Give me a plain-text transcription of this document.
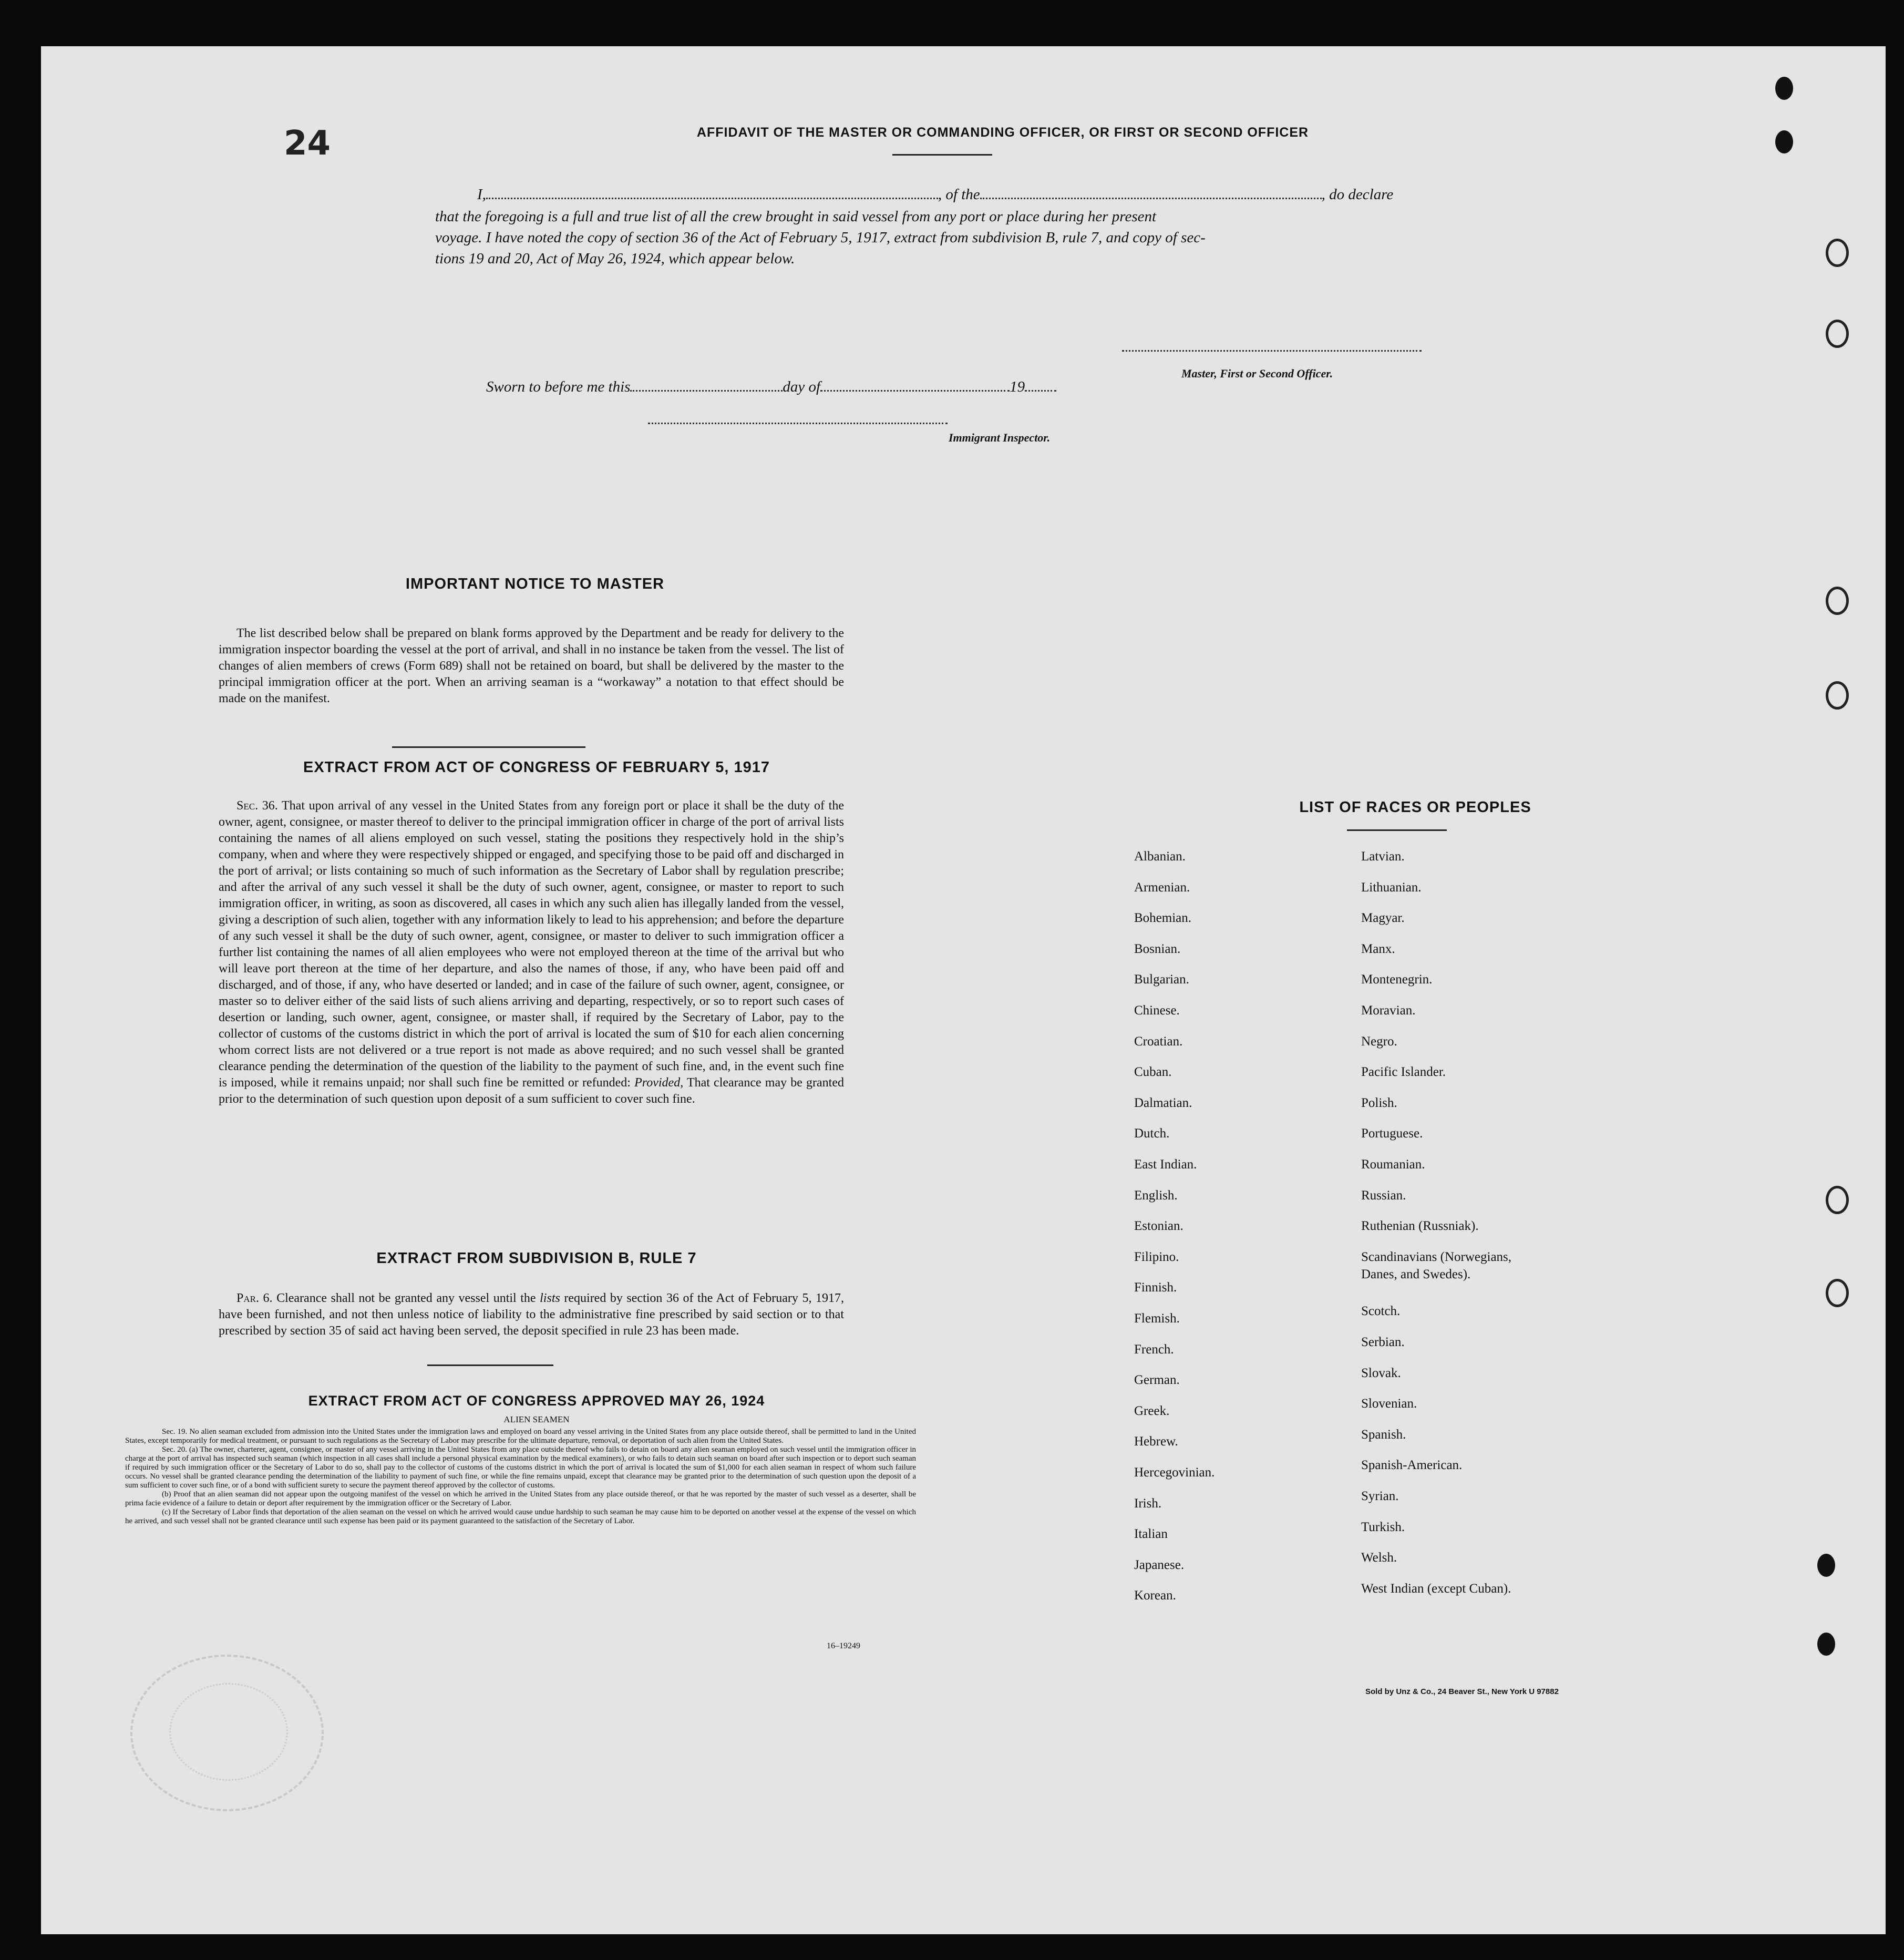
24	AFFIDAVIT OF THE MASTER OR COMMANDING OFFICER, OR FIRST OR SECOND OFFICER
I,	, of the	, do declare
that the foregoing is a full and true list of all the crew brought in said vessel from any port or place during her present
voyage. I have noted the copy of section 36 of the Act of February 5, 1917, extract from subdivision B, rule 7, and copy of sec-
tions 19 and 20, Act of May 26, 1924, which appear below.
Master, First or Second Officer.
Sworn to before me this	day of	19
Immigrant Inspector.
IMPORTANT NOTICE TO MASTER
The list described below shall be prepared on blank forms approved by the Department and be ready for delivery to the immigration inspector boarding the vessel at the port of arrival, and shall in no instance be taken from the vessel. The list of changes of alien members of crews (Form 689) shall not be retained on board, but shall be delivered by the master to the principal immigration officer at the port. When an arriving seaman is a “workaway” a notation to that effect should be made on the manifest.
EXTRACT FROM ACT OF CONGRESS OF FEBRUARY 5, 1917
Sec. 36. That upon arrival of any vessel in the United States from any foreign port or place it shall be the duty of the owner, agent, consignee, or master thereof to deliver to the principal immigration officer in charge of the port of arrival lists containing the names of all aliens employed on such vessel, stating the positions they respectively hold in the ship’s company, when and where they were respectively shipped or engaged, and specifying those to be paid off and discharged in the port of arrival; or lists containing so much of such information as the Secretary of Labor shall by regulation prescribe; and after the arrival of any such vessel it shall be the duty of such owner, agent, consignee, or master to report to such immigration officer, in writing, as soon as discovered, all cases in which any such alien has illegally landed from the vessel, giving a description of such alien, together with any information likely to lead to his apprehension; and before the departure of any such vessel it shall be the duty of such owner, agent, consignee, or master to deliver to such immigration officer a further list containing the names of all alien employees who were not employed thereon at the time of the arrival but who will leave port thereon at the time of her departure, and also the names of those, if any, who have been paid off and discharged, and of those, if any, who have deserted or landed; and in case of the failure of such owner, agent, consignee, or master so to deliver either of the said lists of such aliens arriving and departing, respectively, or so to report such cases of desertion or landing, such owner, agent, consignee, or master shall, if required by the Secretary of Labor, pay to the collector of customs of the customs district in which the port of arrival is located the sum of $10 for each alien concerning whom correct lists are not delivered or a true report is not made as above required; and no such vessel shall be granted clearance pending the determination of the question of the liability to the payment of such fine, and, in the event such fine is imposed, while it remains unpaid; nor shall such fine be remitted or refunded: Provided, That clearance may be granted prior to the determination of such question upon deposit of a sum sufficient to cover such fine.
EXTRACT FROM SUBDIVISION B, RULE 7
Par. 6. Clearance shall not be granted any vessel until the lists required by section 36 of the Act of February 5, 1917, have been furnished, and not then unless notice of liability to the administrative fine prescribed by said section or to that prescribed by section 35 of said act having been served, the deposit specified in rule 23 has been made.
EXTRACT FROM ACT OF CONGRESS APPROVED MAY 26, 1924
ALIEN SEAMEN
Sec. 19. No alien seaman excluded from admission into the United States under the immigration laws and employed on board any vessel arriving in the United States from any place outside thereof, shall be permitted to land in the United States, except temporarily for medical treatment, or pursuant to such regulations as the Secretary of Labor may prescribe for the ultimate departure, removal, or deportation of such alien from the United States.
Sec. 20. (a) The owner, charterer, agent, consignee, or master of any vessel arriving in the United States from any place outside thereof who fails to detain on board any alien seaman employed on such vessel until the immigration officer in charge at the port of arrival has inspected such seaman (which inspection in all cases shall include a personal physical examination by the medical examiners), or who fails to detain such seaman on board after such inspection or to deport such seaman if required by such immigration officer or the Secretary of Labor to do so, shall pay to the collector of customs of the customs district in which the port of arrival is located the sum of $1,000 for each alien seaman in respect of whom such failure occurs. No vessel shall be granted clearance pending the determination of the liability to payment of such fine, or while the fine remains unpaid, except that clearance may be granted prior to the determination of such question upon the deposit of a sum sufficient to cover such fine, or of a bond with sufficient surety to secure the payment thereof approved by the collector of customs.
(b) Proof that an alien seaman did not appear upon the outgoing manifest of the vessel on which he arrived in the United States from any place outside thereof, or that he was reported by the master of such vessel as a deserter, shall be prima facie evidence of a failure to detain or deport after requirement by the immigration officer or the Secretary of Labor.
(c) If the Secretary of Labor finds that deportation of the alien seaman on the vessel on which he arrived would cause undue hardship to such seaman he may cause him to be deported on another vessel at the expense of the vessel on which he arrived, and such vessel shall not be granted clearance until such expense has been paid or its payment guaranteed to the satisfaction of the Secretary of Labor.
16–19249
LIST OF RACES OR PEOPLES
Albanian.
Armenian.
Bohemian.
Bosnian.
Bulgarian.
Chinese.
Croatian.
Cuban.
Dalmatian.
Dutch.
East Indian.
English.
Estonian.
Filipino.
Finnish.
Flemish.
French.
German.
Greek.
Hebrew.
Hercegovinian.
Irish.
Italian
Japanese.
Korean.
Latvian.
Lithuanian.
Magyar.
Manx.
Montenegrin.
Moravian.
Negro.
Pacific Islander.
Polish.
Portuguese.
Roumanian.
Russian.
Ruthenian (Russniak).
Scandinavians (Norwegians,
Danes, and Swedes).
Scotch.
Serbian.
Slovak.
Slovenian.
Spanish.
Spanish-American.
Syrian.
Turkish.
Welsh.
West Indian (except Cuban).
Sold by Unz & Co., 24 Beaver St., New York U 97882
